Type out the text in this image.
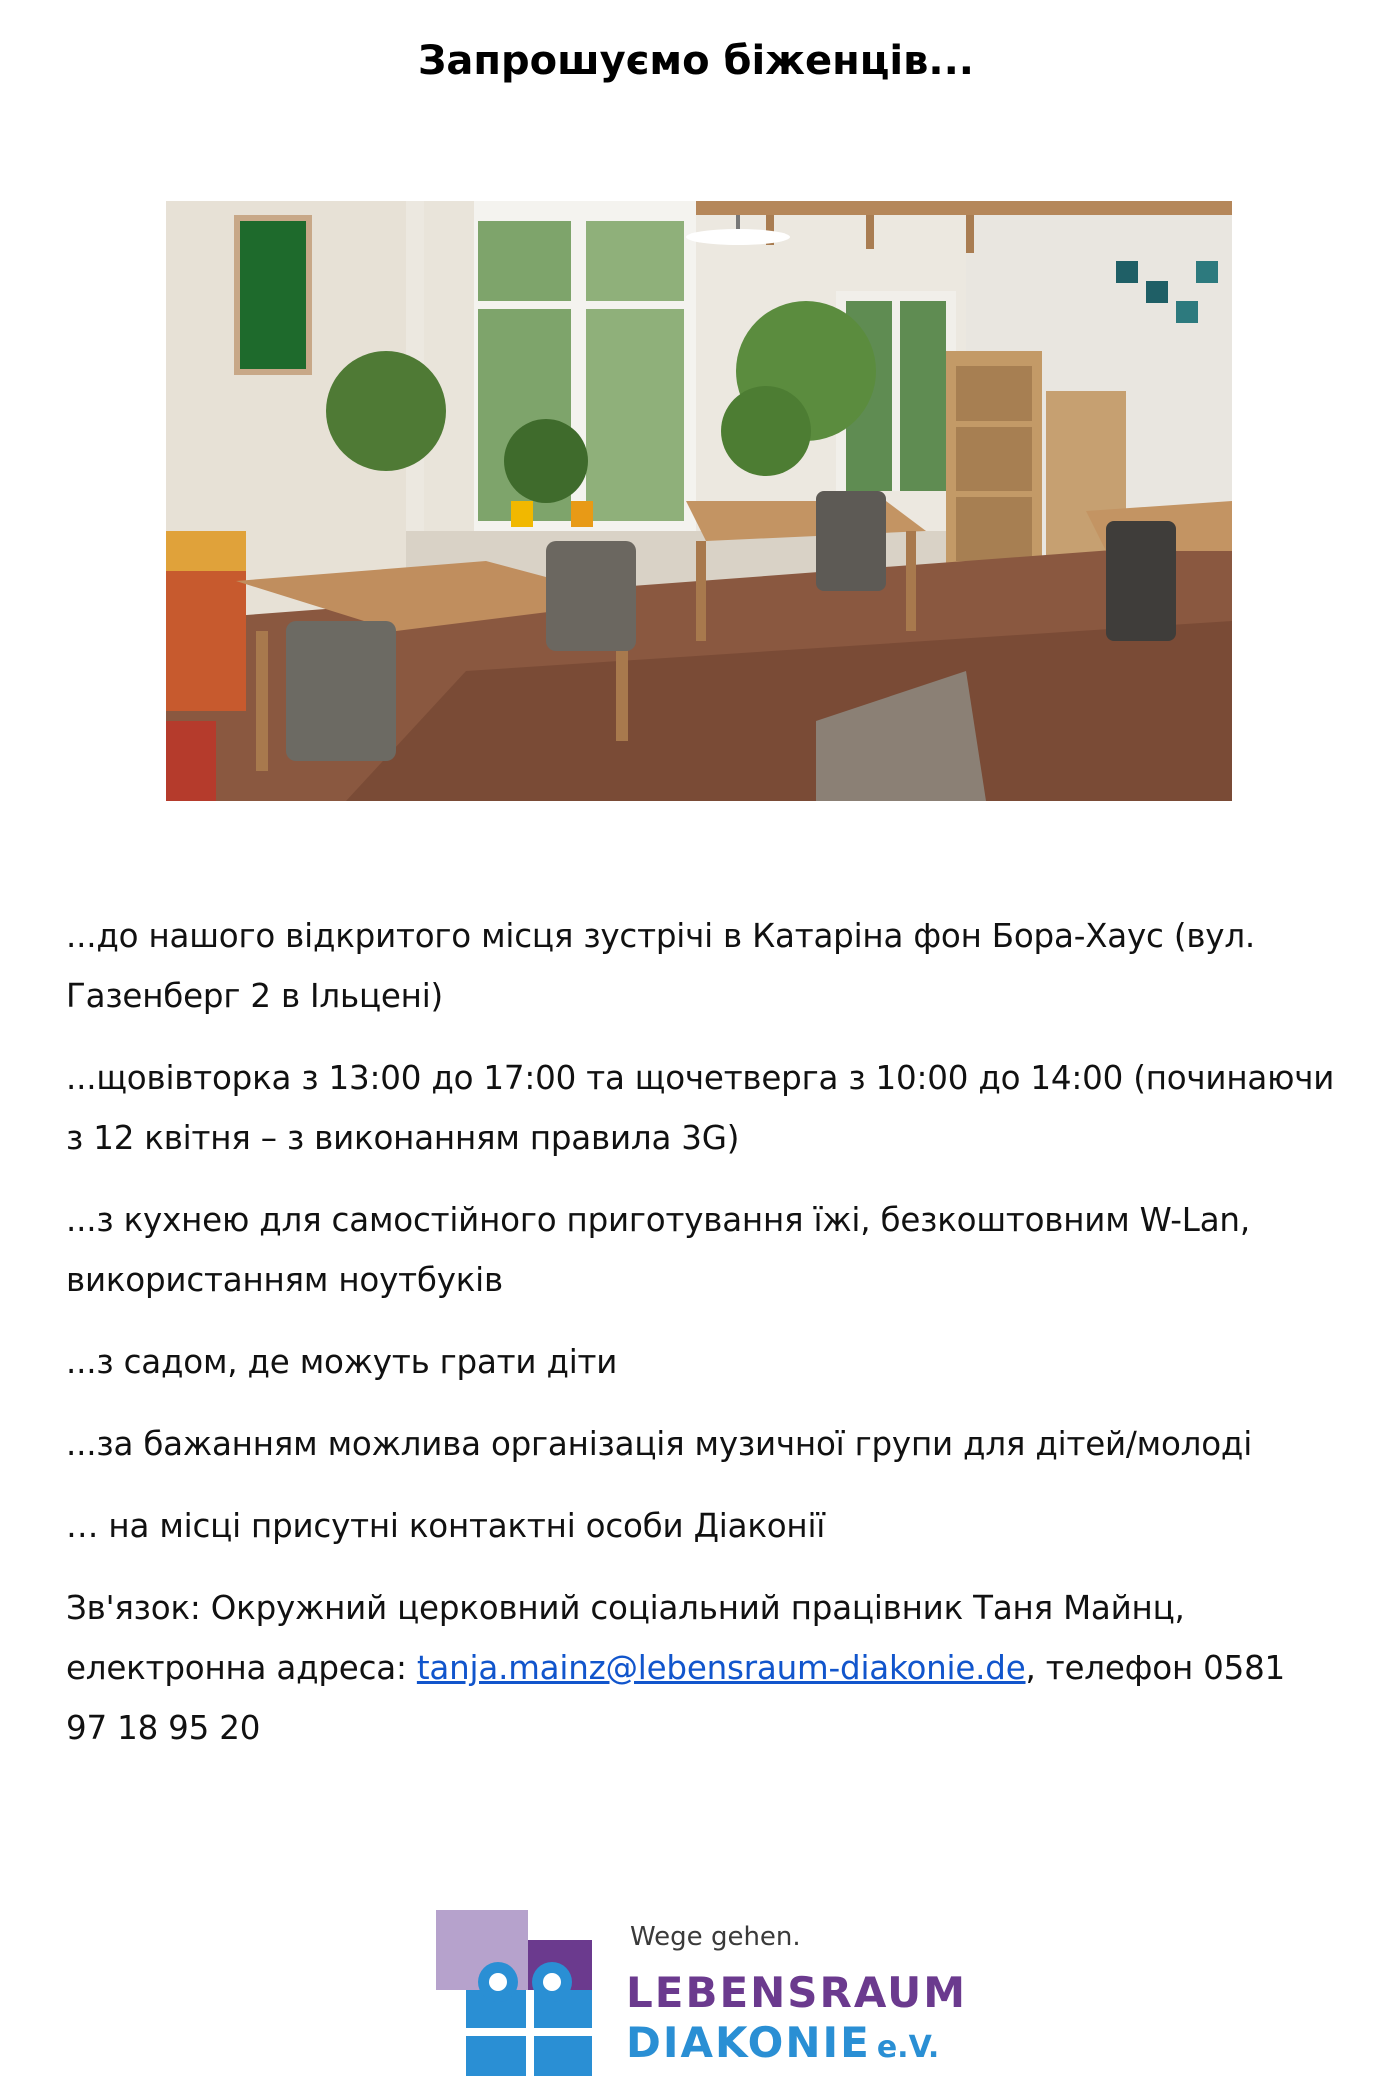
Запрошуємо біженців...

...до нашого відкритого місця зустрічі в Катаріна фон Бора-Хаус (вул. Газенберг 2 в Ільцені)

...щовівторка з 13:00 до 17:00 та щочетверга з 10:00 до 14:00 (починаючи з 12 квітня – з виконанням правила 3G)

...з кухнею для самостійного приготування їжі, безкоштовним W-Lan, використанням ноутбуків

...з садом, де можуть грати діти

...за бажанням можлива організація музичної групи для дітей/молоді

… на місці присутні контактні особи Діаконії

Зв'язок: Окружний церковний соціальний працівник Таня Майнц, електронна адреса: tanja.mainz@lebensraum-diakonie.de, телефон 0581 97 18 95 20

Wege gehen.
LEBENSRAUM
DIAKONIE e.V.
